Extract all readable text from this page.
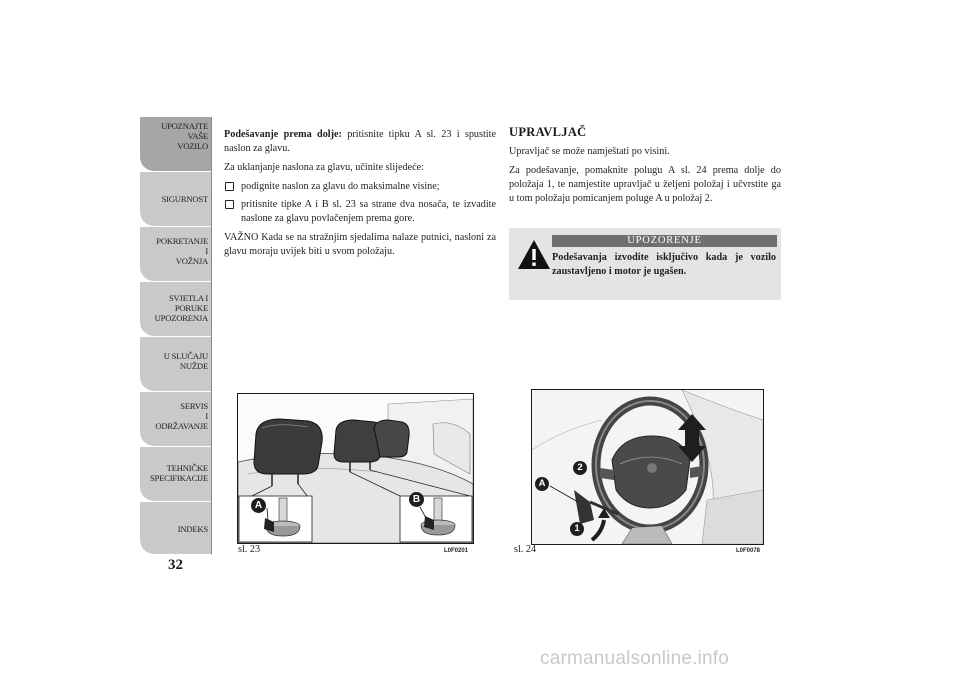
UPOZNAJTE
VAŠE
VOZILO
SIGURNOST
POKRETANJE
I
VOŽNJA
SVJETLA I
PORUKE
UPOZORENJA
U SLUČAJU
NUŽDE
SERVIS
I
ODRŽAVANJE
TEHNIČKE
SPECIFIKACIJE
INDEKS
32

Podešavanje prema dolje: pritisnite tipku A sl. 23 i spustite naslon za glavu.

Za uklanjanje naslona za glavu, učinite slijedeće:

podignite naslon za glavu do maksimalne visine;
pritisnite tipke A i B sl. 23 sa strane dva nosača, te izvadite naslone za glavu povlačenjem prema gore.

VAŽNO Kada se na stražnjim sjedalima nalaze putnici, nasloni za glavu moraju uvijek biti u svom položaju.

UPRAVLJAČ

Upravljač se može namještati po visini.

Za podešavanje, pomaknite polugu A sl. 24 prema dolje do položaja 1, te namjestite upravljač u željeni položaj i učvrstite ga u tom položaju pomicanjem poluge A u položaj 2.

UPOZORENJE
Podešavanja izvodite isključivo kada je vozilo zaustavljeno i motor je ugašen.
A
B
sl. 23	L0F0201
A
1
2
sl. 24	L0F0078
carmanualsonline.info
